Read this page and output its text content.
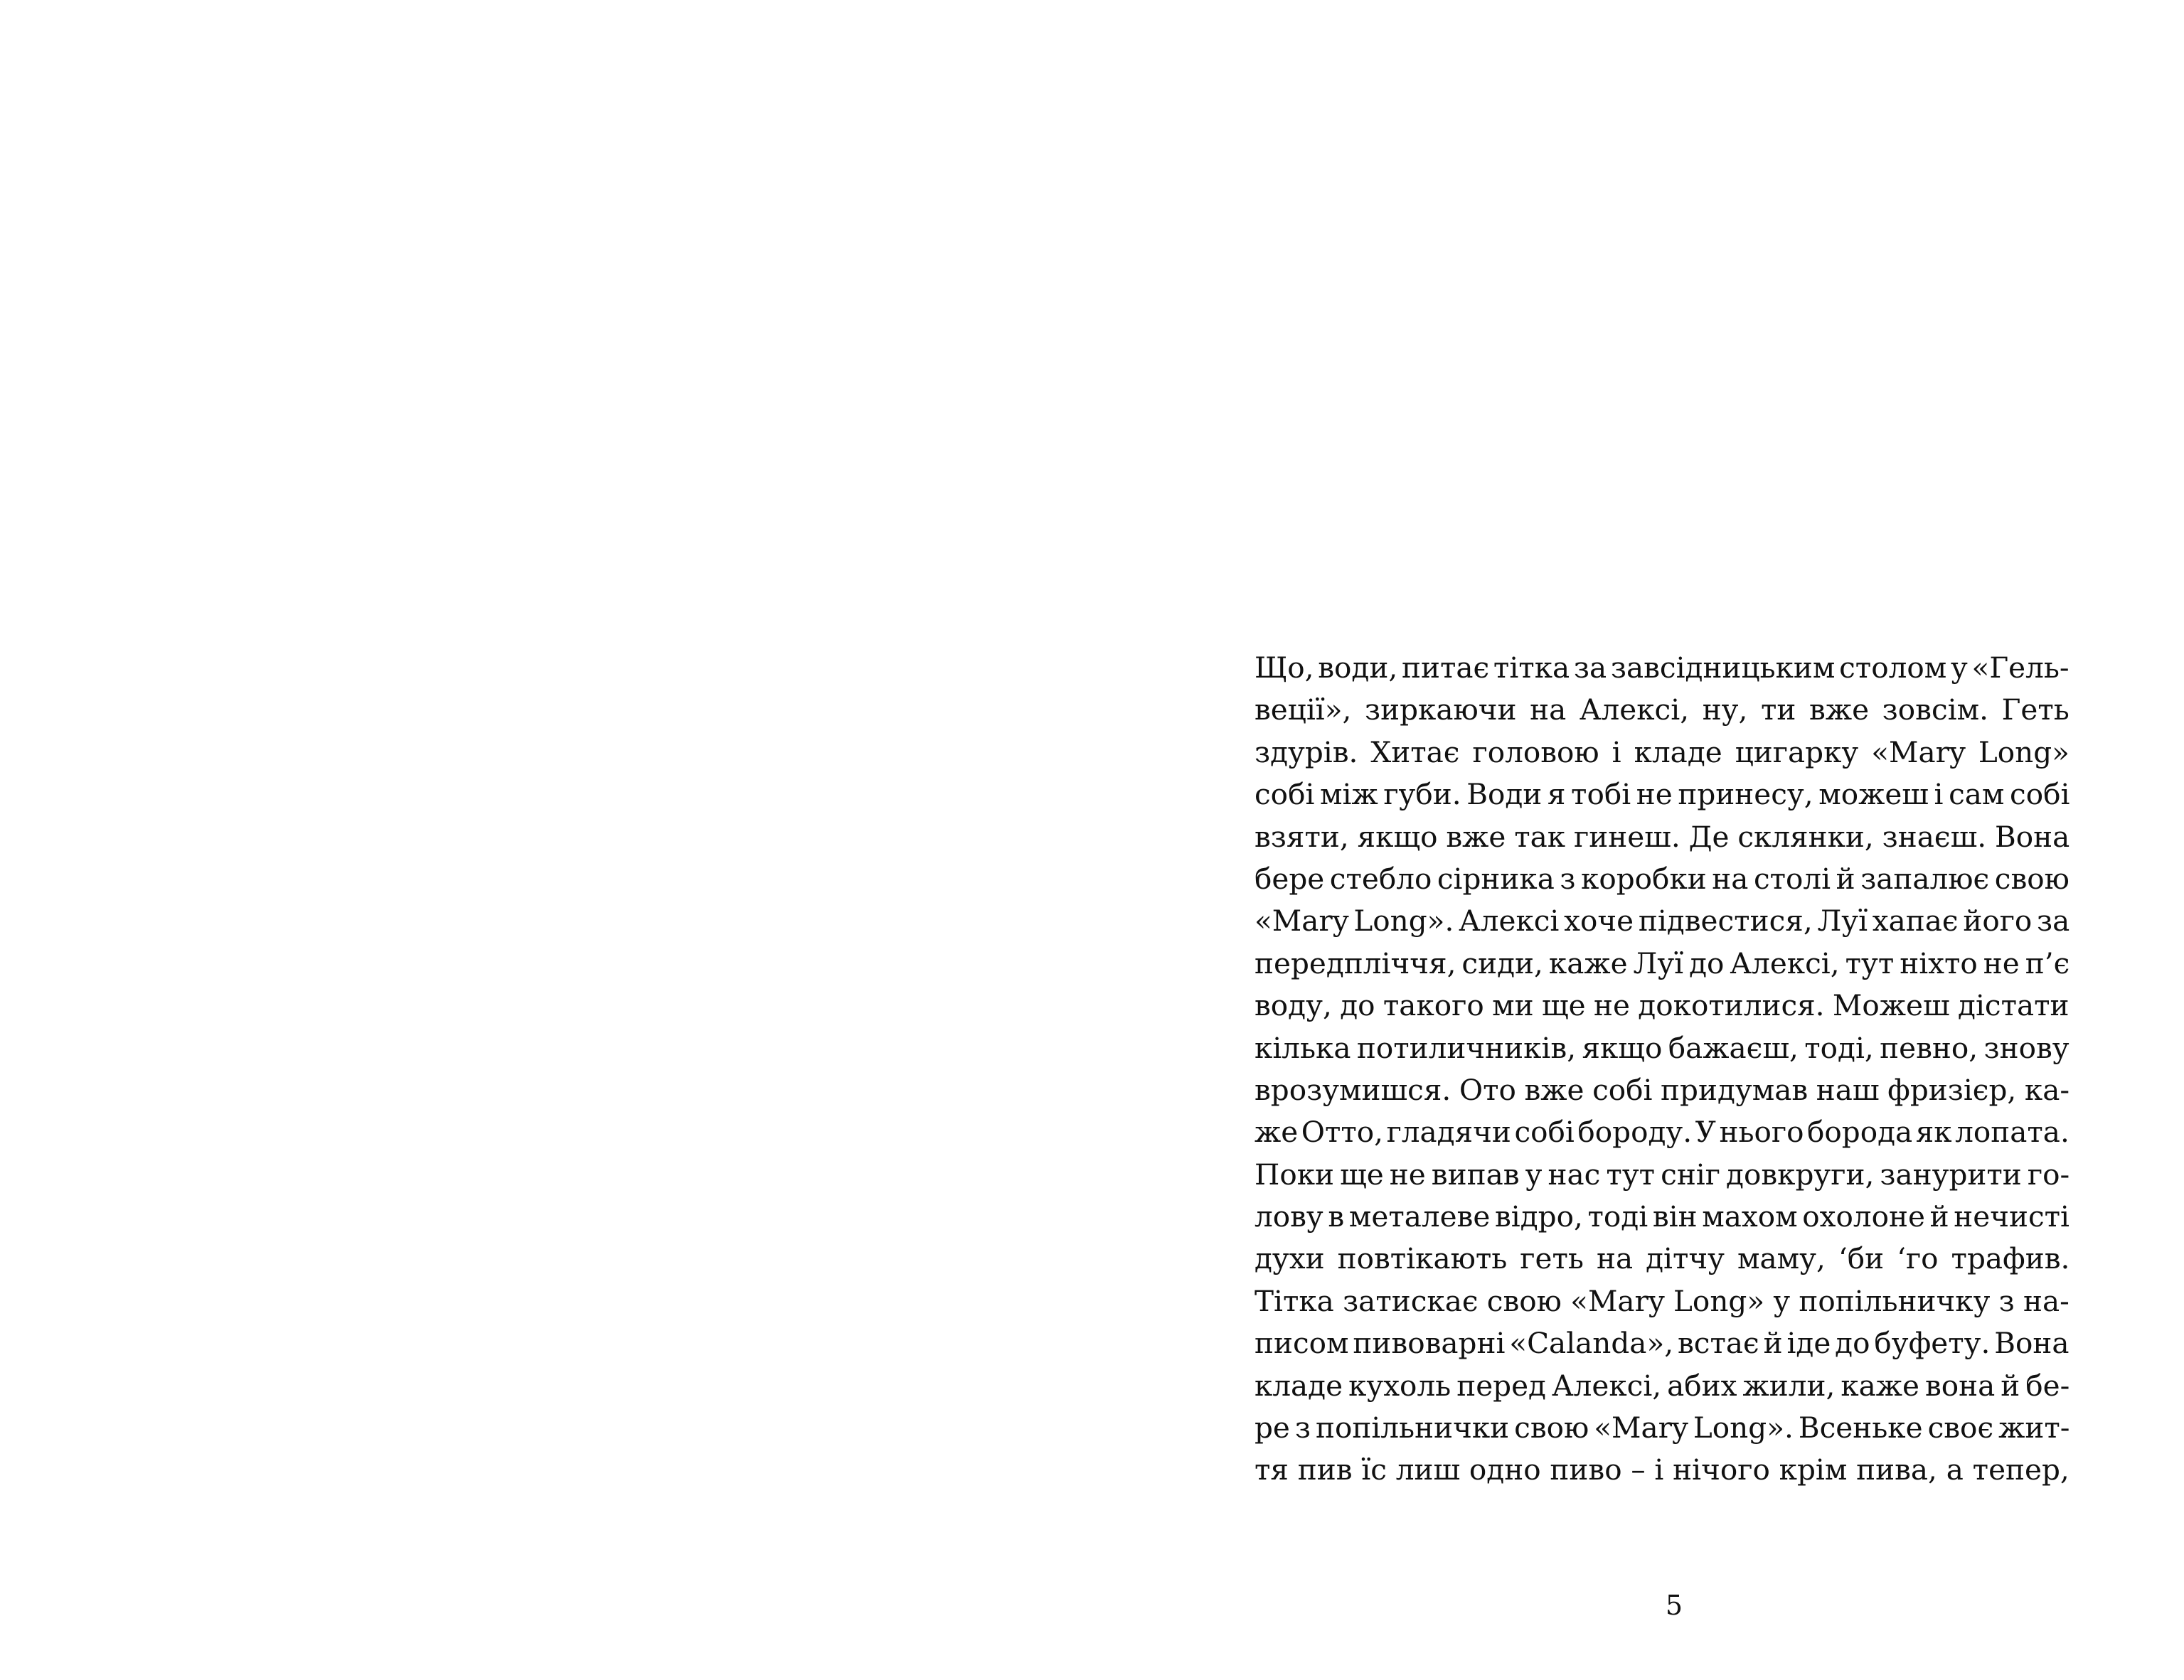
Що, води, питає тітка за завсідницьким столом у «Гель-
веції», зиркаючи на Алексі, ну, ти вже зовсім. Геть
здурів. Хитає головою і кладе цигарку «Mary Long»
собі між губи. Води я тобі не принесу, можеш і сам собі
взяти, якщо вже так гинеш. Де склянки, знаєш. Вона
бере стебло сірника з коробки на столі й запалює свою
«Mary Long». Алексі хоче підвестися, Луї хапає його за
передпліччя, сиди, каже Луї до Алексі, тут ніхто не п’є
воду, до такого ми ще не докотилися. Можеш дістати
кілька потиличників, якщо бажаєш, тоді, певно, знову
врозумишся. Ото вже собі придумав наш фризієр, ка-
же Отто, гладячи собі бороду. У нього борода як лопата.
Поки ще не випав у нас тут сніг довкруги, занурити го-
лову в металеве відро, тоді він махом охолоне й нечисті
духи повтікають геть на дітчу маму, ‘би ‘го трафив.
Тітка затискає свою «Mary Long» у попільничку з на-
писом пивоварні «Calanda», встає й іде до буфету. Вона
кладе кухоль перед Алексі, абих жили, каже вона й бе-
ре з попільнички свою «Mary Long». Всеньке своє жит-
тя пив їс лиш одно пиво – і нічого крім пива, а тепер,
5
